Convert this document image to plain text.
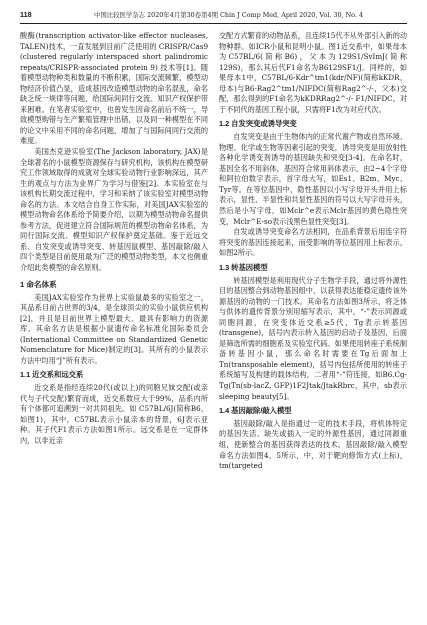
118	中国比较医学杂志 2020年4月第30卷第4期 Chin J Comp Med, April 2020, Vol. 30, No. 4

酸酶(transcription activator-like effector nucleases, TALEN)技术，一直发展到目前广泛使用的 CRISPR/Cas9 (clustered regularly interspaced short palindromic repeats/CRISPR-associated protein 9) 技术等[1]。随着模型动物种类和数量的不断积累，国际交流频繁，模型动物经济价值凸显，造成基因改造模型动物的命名混乱，命名缺乏统一规律等问题，给国际间同行交流、知识产权保护带来困难。在笔者实验室中，也曾发生因命名前后不统一，导致模型购错与生产繁殖管理中出错，以及同一种模型在不同的论文中采用不同的命名问题，增加了与国际间同行交流的难度。

美国杰克逊实验室(The Jackson laboratory, JAX)是全球著名的小鼠模型资源保存与研究机构，该机构在模型研究工作领域取得的成就对全球实验动物行业影响深远，其产生的观点与方法为业界广为学习与借鉴[2]。本实验室在与该机构长期交流过程中，学习和采纳了该实验室对模型动物命名的方法。本文结合自身工作实际，对美国JAX实验室的模型动物命名体系给予简要介绍，以期为模型动物命名提供参考方法，促进建立符合国际规范的模型动物命名体系，为同行国际交流、模型知识产权保护奠定基础。鉴于近远交系、自发突变或诱导突变、转基因鼠模型、基因敲除/敲入四个类型是目前使用最为广泛的模型动物类型，本文也侧重介绍此类模型的命名原则。

1 命名体系

美国JAX实验室作为世界上实验鼠最多的实验室之一，其品系目前占世界的3/4，是全球顶尖的实验小鼠供应机构[2]，并且是目前世界上模型最大、最具有影响力的资源库，其命名方法是根据小鼠遗传命名标准化国际委员会(International Committee on Standardized Genetic Nomenclature for Mice)制定的[3]。其所有的小鼠表示方法中均用“J”所有表示。

1.1 近交系和远交系

近交系是指经连续20代(或以上)的同胞兄妹交配(或亲代与子代交配)繁育而成，近交系数应大于99%，品系内所有个体都可追溯到一对共同祖先。如 C57BL/6J(简称B6，如图1)，其中，C57BL表示小鼠亲本的背景，6J表示亚种。其子代F1表示方法如图1所示。远交系是在一定群体内，以非近亲

交配方式繁育的动物品系，且连续15代不从外部引入新的动物种群。如ICR小鼠和昆明小鼠。图1近交系中，如果母本为C57BL/6(简称B6)，父本为129S1/SvImJ(简称129S)，那么其后代F1命名为B6129SF1/J。同样的，如果母本1中，C57BL/6-Kdr^tm1(kdr/NF)(简称kKDR，母本)与B6-Rag2^tm1/NIFDC(简称Rag2^-/-，父本)交配，那么得到的F1命名为kKDRRag2^-/- F1/NIFDC。对于不同代的基因工程小鼠，只需将F1改为对应代次。

1.2 自发突变或诱导突变

自发突变是由于生物体内的正常代谢产物或自然环境、物理、化学或生物等因素引起的突变，诱导突变是用放射性各种化学诱变剂诱导的基因缺失和突变[3-4]。在命名时，基因全名不用斜体，基因符合常用斜体表示，由2~4个字母和阿拉伯数字表示，首字母大写，如Es1、B2m、Myc、Tyr等。在等位基因中，隐性基因以小写字母开头并用上标表示，显性、半显性和共显性基因的符号以大写字母开头，然后是小写字母，如Mclr^e表示Mclr基因的黄色隐性突变，Mclr^E-so表示浅黑色显性突变[3]。

自发或诱导突变命名方法相同，在品系背景后用连字符将突变的基因连接起来，而受影响的等位基因用上标表示，如图2所示。

1.3 转基因模型

转基因模型是利用现代分子生物学手段，通过将外源性目的基因整合到动物基因组中，以获得表达能稳定遗传该外源基因的动物的一门技术。其命名方法如图3所示，将乏体与供体的遗传背景分别用缩写表示，其中，“-”表示同源或同胞同源，在突变体近交系≥5代，Tg表示转基因(transgene)，括号内表示转入基因的启动子及基因，后面是筛选所需的细胞系及实验室代码。如果使用转座子系统制备转基因小鼠，那么命名时需要在Tg后面加上Tn(transposable element)，括号内包括所使用的转座子系统缩写及构建的载体结构，二者用“-”符连接，如B6.Cg-Tg(Tn(sb-lacZ, GFP)1F2Jtak/JtakRbrc，其中，sb表示sleeping beauty[5]。

1.4 基因敲除/敲入模型

基因敲除/敲入是指通过一定的技术手段，将机体特定的基因失活、缺失或插入一定的外源性基因，通过同源重组，使新整合的基因获得表达的技术。基因敲除/敲入模型命名方法如图4、5所示，中，对于靶向修饰方式(上标)，tm(targeted
